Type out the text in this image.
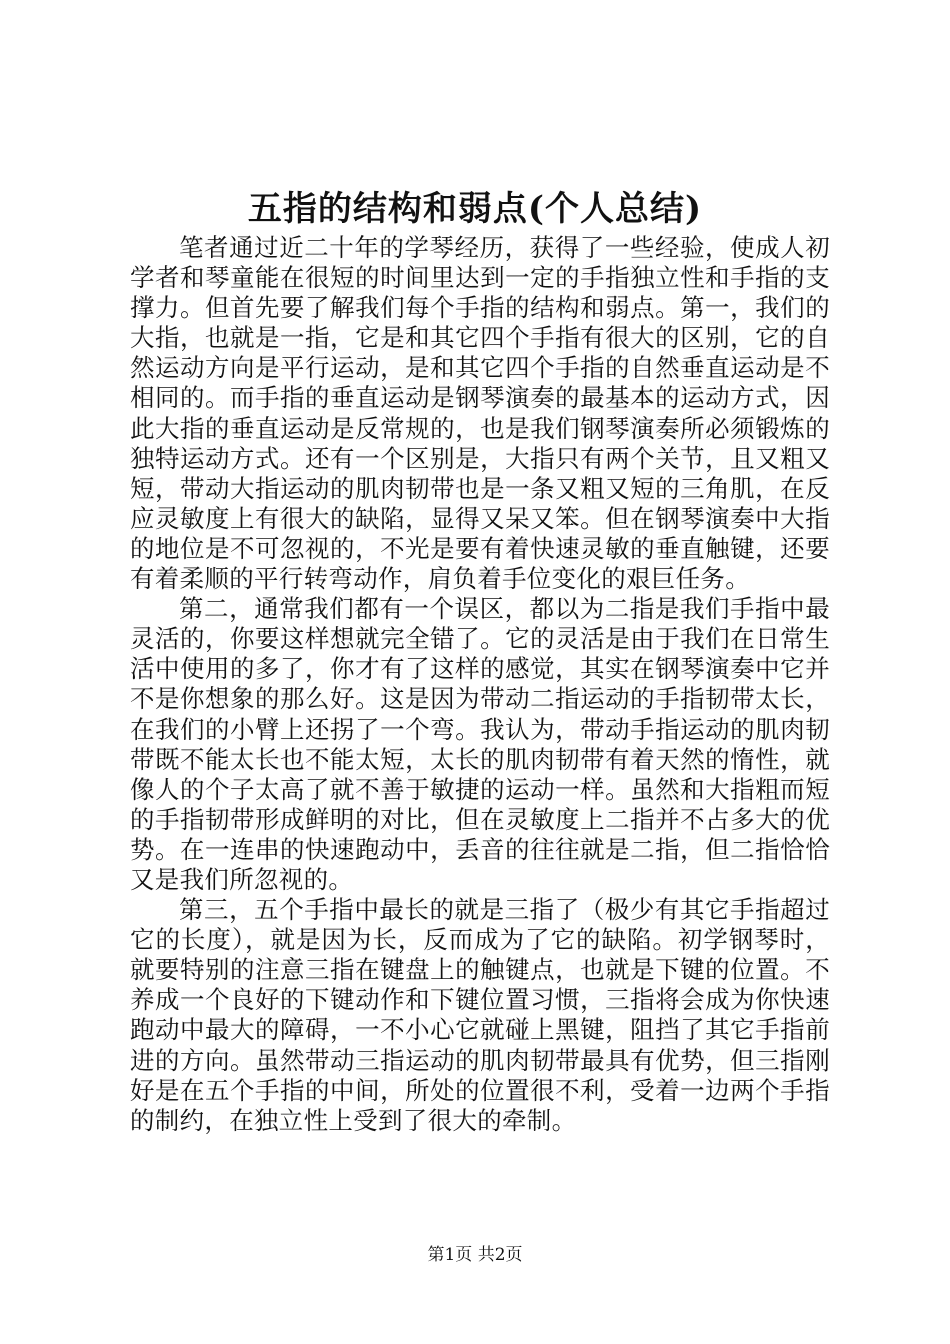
五指的结构和弱点(个人总结)

笔者通过近二十年的学琴经历，获得了一些经验，使成人初学者和琴童能在很短的时间里达到一定的手指独立性和手指的支撑力。但首先要了解我们每个手指的结构和弱点。第一，我们的大指，也就是一指，它是和其它四个手指有很大的区别，它的自然运动方向是平行运动，是和其它四个手指的自然垂直运动是不相同的。而手指的垂直运动是钢琴演奏的最基本的运动方式，因此大指的垂直运动是反常规的，也是我们钢琴演奏所必须锻炼的独特运动方式。还有一个区别是，大指只有两个关节，且又粗又短，带动大指运动的肌肉韧带也是一条又粗又短的三角肌，在反应灵敏度上有很大的缺陷，显得又呆又笨。但在钢琴演奏中大指的地位是不可忽视的，不光是要有着快速灵敏的垂直触键，还要有着柔顺的平行转弯动作，肩负着手位变化的艰巨任务。

第二，通常我们都有一个误区，都以为二指是我们手指中最灵活的，你要这样想就完全错了。它的灵活是由于我们在日常生活中使用的多了，你才有了这样的感觉，其实在钢琴演奏中它并不是你想象的那么好。这是因为带动二指运动的手指韧带太长，在我们的小臂上还拐了一个弯。我认为，带动手指运动的肌肉韧带既不能太长也不能太短，太长的肌肉韧带有着天然的惰性，就像人的个子太高了就不善于敏捷的运动一样。虽然和大指粗而短的手指韧带形成鲜明的对比，但在灵敏度上二指并不占多大的优势。在一连串的快速跑动中，丢音的往往就是二指，但二指恰恰又是我们所忽视的。

第三，五个手指中最长的就是三指了（极少有其它手指超过它的长度），就是因为长，反而成为了它的缺陷。初学钢琴时，就要特别的注意三指在键盘上的触键点，也就是下键的位置。不养成一个良好的下键动作和下键位置习惯，三指将会成为你快速跑动中最大的障碍，一不小心它就碰上黑键，阻挡了其它手指前进的方向。虽然带动三指运动的肌肉韧带最具有优势，但三指刚好是在五个手指的中间，所处的位置很不利，受着一边两个手指的制约，在独立性上受到了很大的牵制。

第1页 共2页
